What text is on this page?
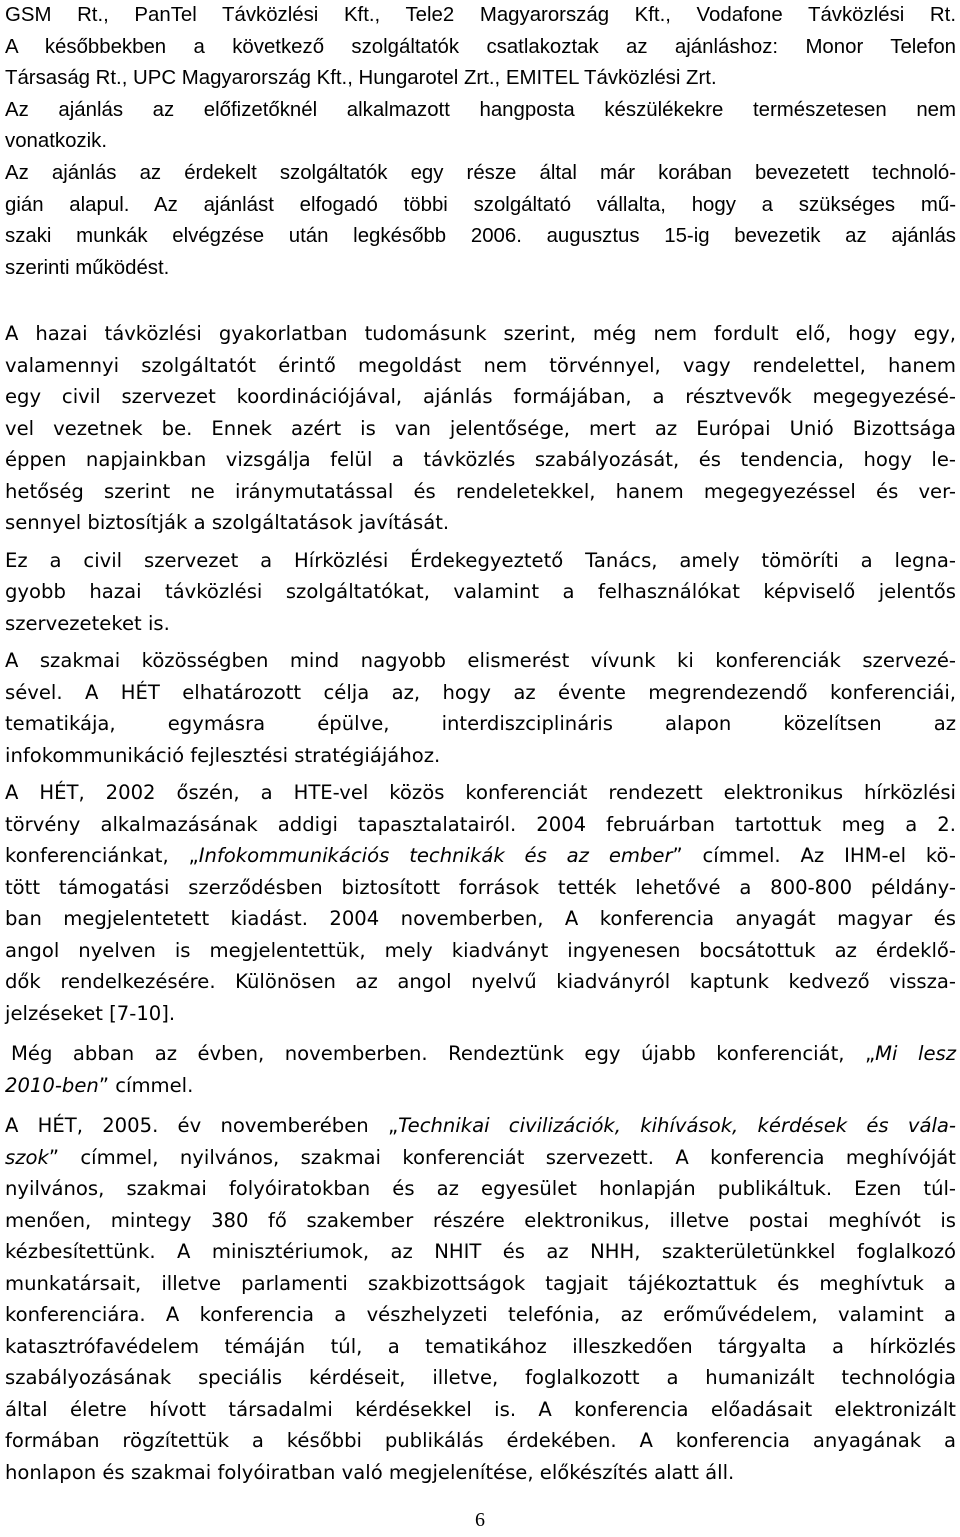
GSM Rt., PanTel Távközlési Kft., Tele2 Magyarország Kft., Vodafone Távközlési Rt.
A későbbekben a következő szolgáltatók csatlakoztak az ajánláshoz: Monor Telefon
Társaság Rt., UPC Magyarország Kft., Hungarotel Zrt., EMITEL Távközlési Zrt.

Az ajánlás az előfizetőknél alkalmazott hangposta készülékekre természetesen nem
vonatkozik.

Az ajánlás az érdekelt szolgáltatók egy része által már korában bevezetett technoló-
gián alapul. Az ajánlást elfogadó többi szolgáltató vállalta, hogy a szükséges mű-
szaki munkák elvégzése után legkésőbb 2006. augusztus 15-ig bevezetik az ajánlás
szerinti működést.

A hazai távközlési gyakorlatban tudomásunk szerint, még nem fordult elő, hogy egy,
valamennyi szolgáltatót érintő megoldást nem törvénnyel, vagy rendelettel, hanem
egy civil szervezet koordinációjával, ajánlás formájában, a résztvevők megegyezésé-
vel vezetnek be. Ennek azért is van jelentősége, mert az Európai Unió Bizottsága
éppen napjainkban vizsgálja felül a távközlés szabályozását, és tendencia, hogy le-
hetőség szerint ne iránymutatással és rendeletekkel, hanem megegyezéssel és ver-
sennyel biztosítják a szolgáltatások javítását.

Ez a civil szervezet a Hírközlési Érdekegyeztető Tanács, amely tömöríti a legna-
gyobb hazai távközlési szolgáltatókat, valamint a felhasználókat képviselő jelentős
szervezeteket is.

A szakmai közösségben mind nagyobb elismerést vívunk ki konferenciák szervezé-
sével. A HÉT elhatározott célja az, hogy az évente megrendezendő konferenciái,
tematikája, egymásra épülve, interdiszciplináris alapon közelítsen az
infokommunikáció fejlesztési stratégiájához.

A HÉT, 2002 őszén, a HTE-vel közös konferenciát rendezett elektronikus hírközlési
törvény alkalmazásának addigi tapasztalatairól. 2004 februárban tartottuk meg a 2.
konferenciánkat, „Infokommunikációs technikák és az ember” címmel. Az IHM-el kö-
tött támogatási szerződésben biztosított források tették lehetővé a 800-800 példány-
ban megjelentetett kiadást. 2004 novemberben, A konferencia anyagát magyar és
angol nyelven is megjelentettük, mely kiadványt ingyenesen bocsátottuk az érdeklő-
dők rendelkezésére. Különösen az angol nyelvű kiadványról kaptunk kedvező vissza-
jelzéseket [7-10].

Még abban az évben, novemberben. Rendeztünk egy újabb konferenciát, „Mi lesz
2010-ben” címmel.

A HÉT, 2005. év novemberében „Technikai civilizációk, kihívások, kérdések és vála-
szok” címmel, nyilvános, szakmai konferenciát szervezett. A konferencia meghívóját
nyilvános, szakmai folyóiratokban és az egyesület honlapján publikáltuk. Ezen túl-
menően, mintegy 380 fő szakember részére elektronikus, illetve postai meghívót is
kézbesítettünk. A minisztériumok, az NHIT és az NHH, szakterületünkkel foglalkozó
munkatársait, illetve parlamenti szakbizottságok tagjait tájékoztattuk és meghívtuk a
konferenciára. A konferencia a vészhelyzeti telefónia, az erőművédelem, valamint a
katasztrófavédelem témáján túl, a tematikához illeszkedően tárgyalta a hírközlés
szabályozásának speciális kérdéseit, illetve, foglalkozott a humanizált technológia
által életre hívott társadalmi kérdésekkel is. A konferencia előadásait elektronizált
formában rögzítettük a későbbi publikálás érdekében. A konferencia anyagának a
honlapon és szakmai folyóiratban való megjelenítése, előkészítés alatt áll.

6
